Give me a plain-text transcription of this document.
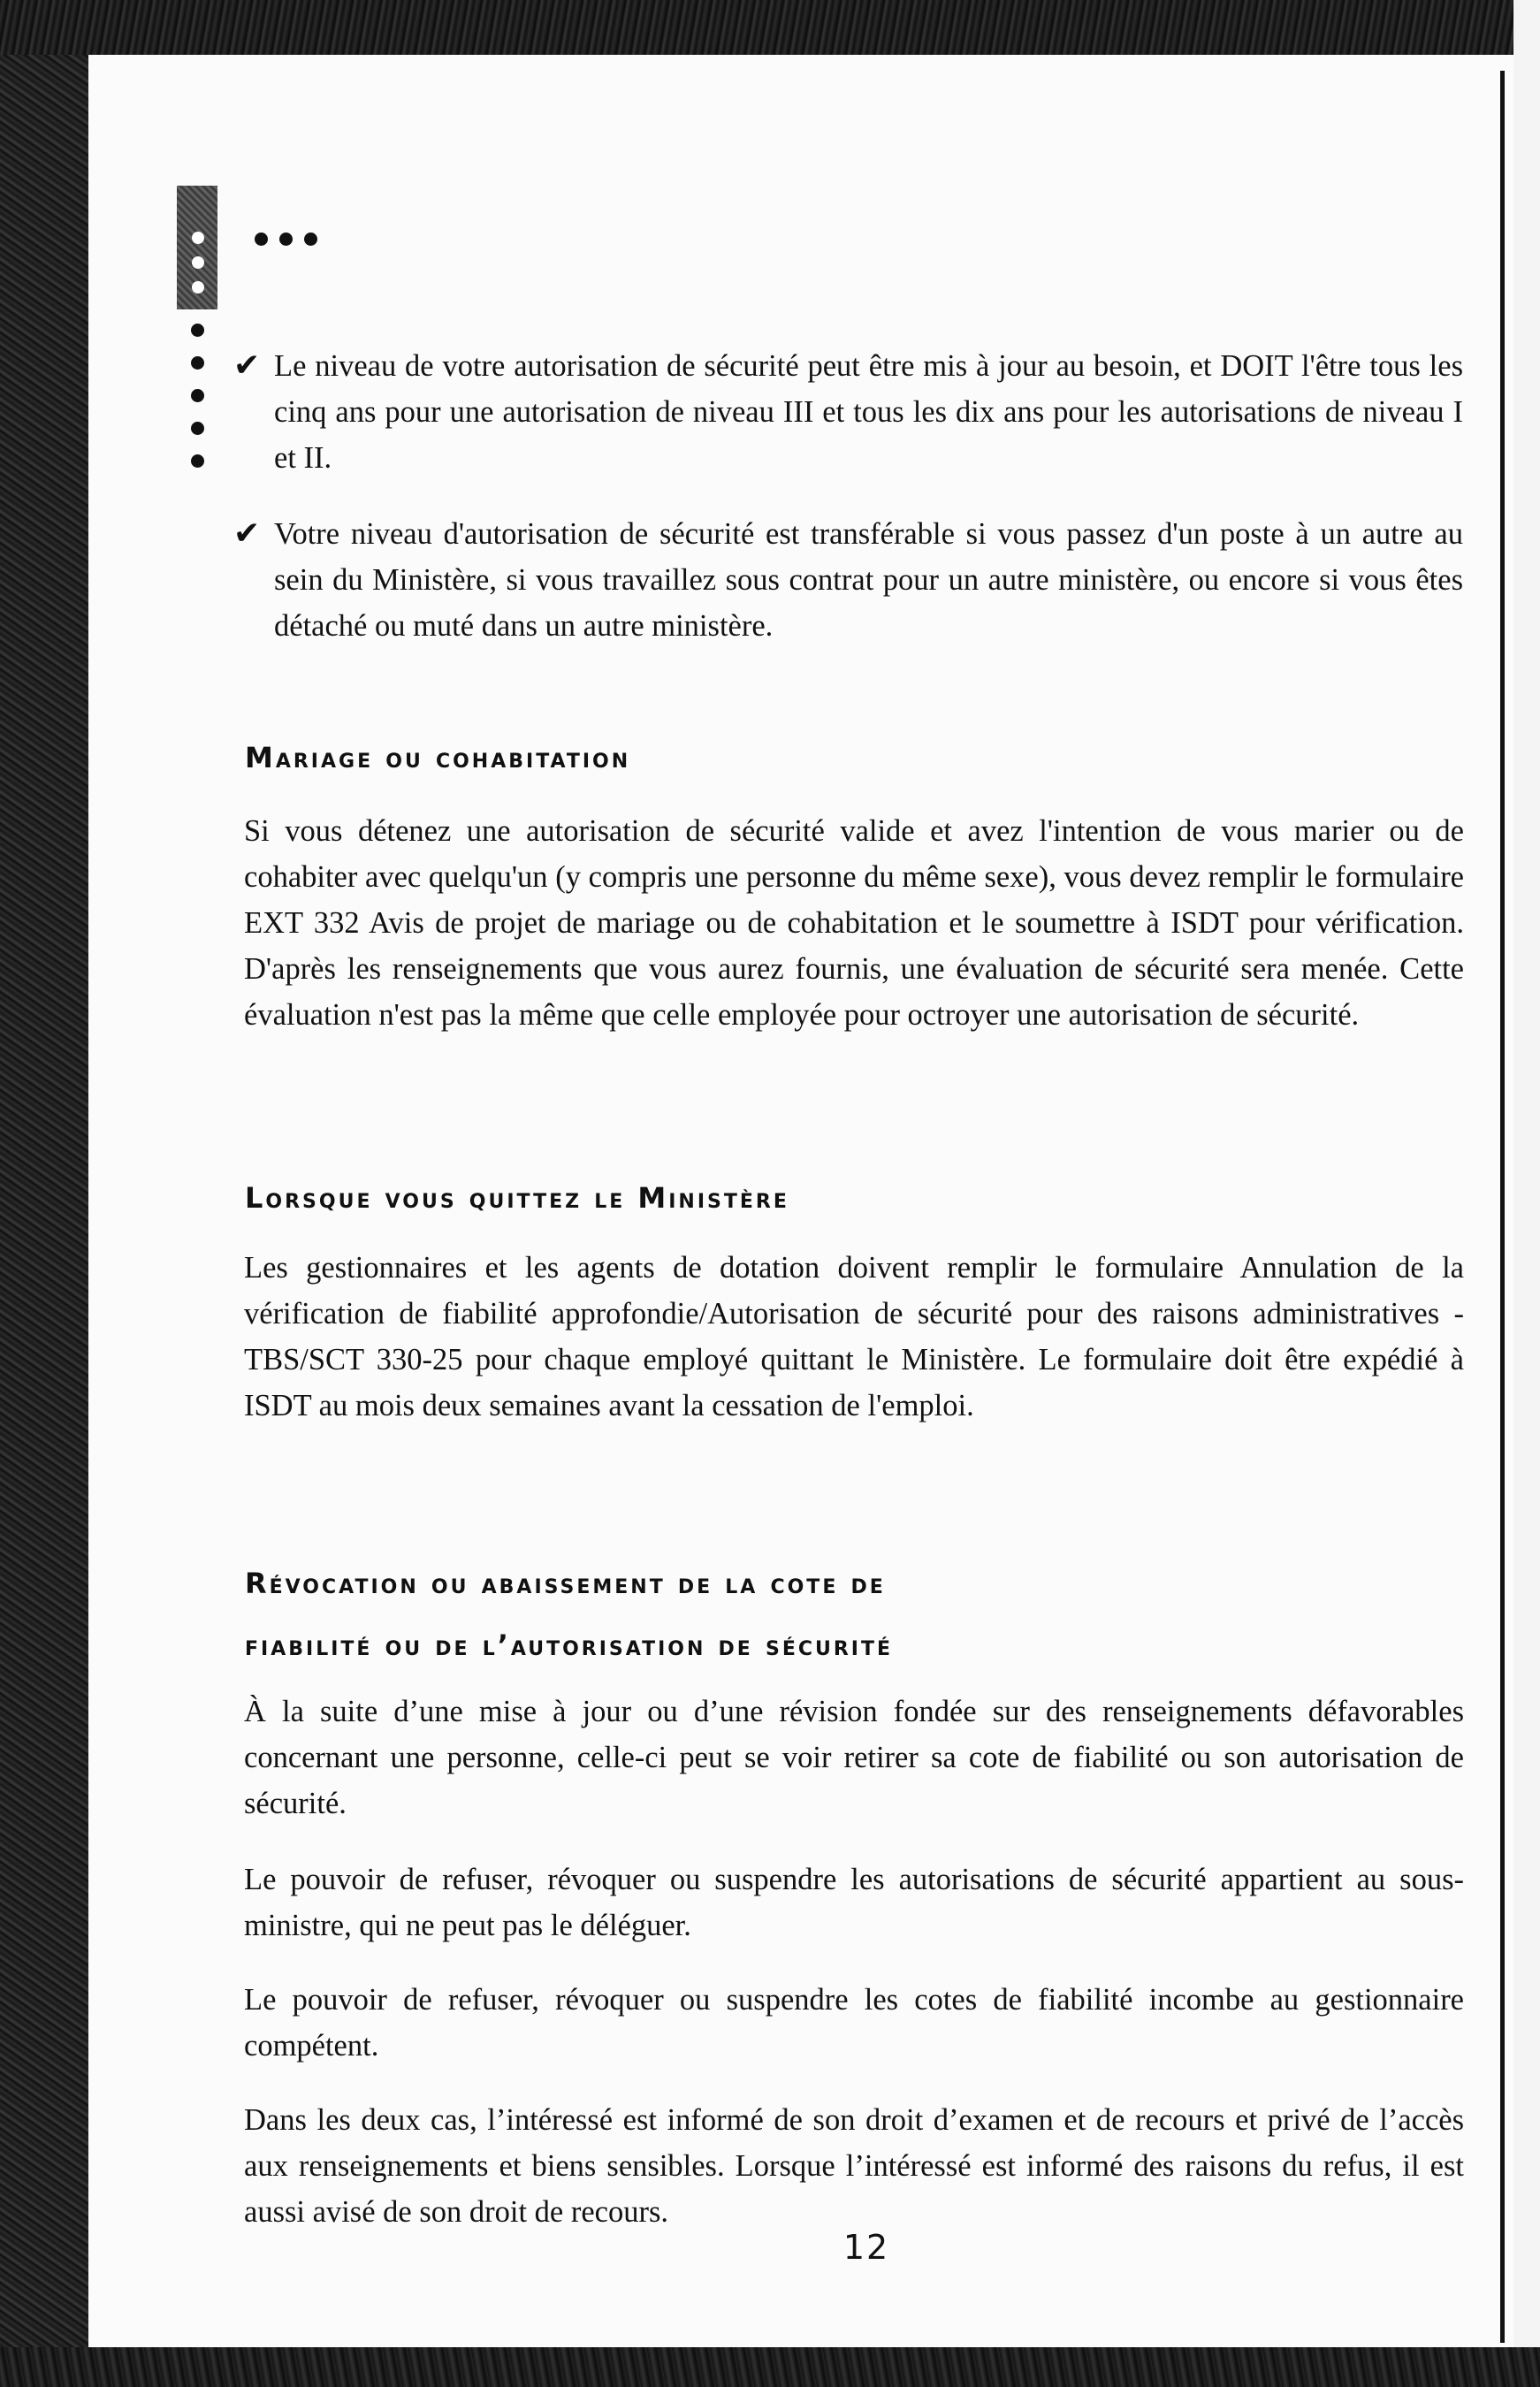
✔ Le niveau de votre autorisation de sécurité peut être mis à jour au besoin, et DOIT l'être tous les cinq ans pour une autorisation de niveau III et tous les dix ans pour les autorisations de niveau I et II.
✔ Votre niveau d'autorisation de sécurité est transférable si vous passez d'un poste à un autre au sein du Ministère, si vous travaillez sous contrat pour un autre ministère, ou encore si vous êtes détaché ou muté dans un autre ministère.
Mariage ou cohabitation
Si vous détenez une autorisation de sécurité valide et avez l'intention de vous marier ou de cohabiter avec quelqu'un (y compris une personne du même sexe), vous devez remplir le formulaire EXT 332 Avis de projet de mariage ou de cohabitation et le soumettre à ISDT pour vérification. D'après les renseignements que vous aurez fournis, une évaluation de sécurité sera menée. Cette évaluation n'est pas la même que celle employée pour octroyer une autorisation de sécurité.
Lorsque vous quittez le Ministère
Les gestionnaires et les agents de dotation doivent remplir le formulaire Annulation de la vérification de fiabilité approfondie/Autorisation de sécurité pour des raisons administratives - TBS/SCT 330-25 pour chaque employé quittant le Ministère. Le formulaire doit être expédié à ISDT au mois deux semaines avant la cessation de l'emploi.
Révocation ou abaissement de la cote de
fiabilité ou de l’autorisation de sécurité
À la suite d’une mise à jour ou d’une révision fondée sur des renseignements défavorables concernant une personne, celle-ci peut se voir retirer sa cote de fiabilité ou son autorisation de sécurité.
Le pouvoir de refuser, révoquer ou suspendre les autorisations de sécurité appartient au sous-ministre, qui ne peut pas le déléguer.
Le pouvoir de refuser, révoquer ou suspendre les cotes de fiabilité incombe au gestionnaire compétent.
Dans les deux cas, l’intéressé est informé de son droit d’examen et de recours et privé de l’accès aux renseignements et biens sensibles. Lorsque l’intéressé est informé des raisons du refus, il est aussi avisé de son droit de recours.
12
